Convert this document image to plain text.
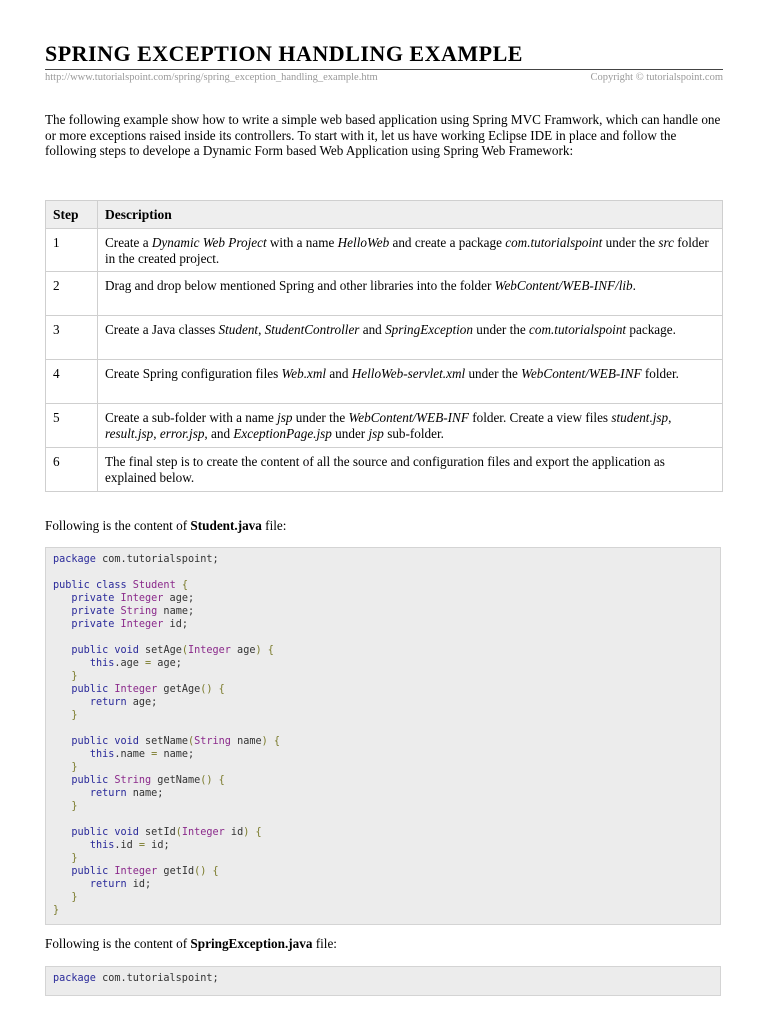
SPRING EXCEPTION HANDLING EXAMPLE
http://www.tutorialspoint.com/spring/spring_exception_handling_example.htm	Copyright © tutorialspoint.com

The following example show how to write a simple web based application using Spring MVC Framwork, which can handle one or more exceptions raised inside its controllers. To start with it, let us have working Eclipse IDE in place and follow the following steps to develope a Dynamic Form based Web Application using Spring Web Framework:

Step	Description
1	Create a Dynamic Web Project with a name HelloWeb and create a package com.tutorialspoint under the src folder in the created project.
2	Drag and drop below mentioned Spring and other libraries into the folder WebContent/WEB-INF/lib.
3	Create a Java classes Student, StudentController and SpringException under the com.tutorialspoint package.
4	Create Spring configuration files Web.xml and HelloWeb-servlet.xml under the WebContent/WEB-INF folder.
5	Create a sub-folder with a name jsp under the WebContent/WEB-INF folder. Create a view files student.jsp, result.jsp, error.jsp, and ExceptionPage.jsp under jsp sub-folder.
6	The final step is to create the content of all the source and configuration files and export the application as explained below.
Following is the content of Student.java file:
package com.tutorialspoint;

public class Student {
private Integer age;
private String name;
private Integer id;

public void setAge(Integer age) {
this.age = age;
}
public Integer getAge() {
return age;
}

public void setName(String name) {
this.name = name;
}
public String getName() {
return name;
}

public void setId(Integer id) {
this.id = id;
}
public Integer getId() {
return id;
}
}
Following is the content of SpringException.java file:
package com.tutorialspoint;
